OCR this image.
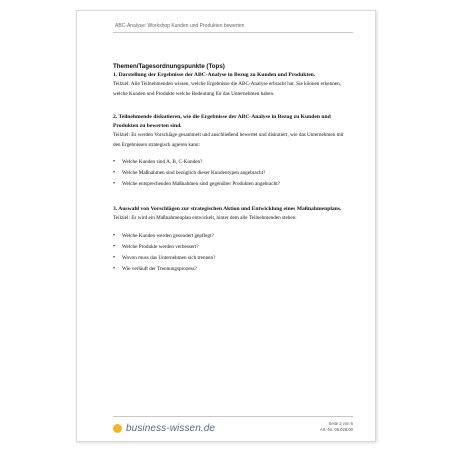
ABC-Analyse: Workshop Kunden und Produkten bewerten

Themen/Tagesordnungspunkte (Tops)

1. Darstellung der Ergebnisse der ABC-Analyse in Bezug zu Kunden und Produkten.

Teilziel: Alle Teilnehmenden wissen, welche Ergebnisse die ABC-Analyse erbracht hat. Sie können erkennen, welche Kunden und Produkte welche Bedeutung für das Unternehmen haben.

2. Teilnehmende diskutieren, wie die Ergebnisse der ABC-Analyse in Bezug zu Kunden und Produkten zu bewerten sind.

Teilziel: Es werden Vorschläge gesammelt und anschließend bewertet und diskutiert, wie das Unternehmen mit den Ergebnissen strategisch agieren kann:

• Welche Kunden sind A, B, C-Kunden?
• Welche Maßnahmen sind bezüglich dieser Kundentypen angebracht?
• Welche entsprechenden Maßnahmen sind gegenüber Produkten angebracht?

3. Auswahl von Vorschlägen zur strategischen Aktion und Entwicklung eines Maßnahmenplans.

Teilziel: Es wird ein Maßnahmenplan entwickelt, hinter dem alle Teilnehmenden stehen:

• Welche Kunden werden gesondert gepflegt?
• Welche Produkte werden verbessert?
• Wovon muss das Unternehmen sich trennen?
• Wie verläuft der Trennungsprozess?
business-wissen.de	Seite 2 von 6
Art.-Nr. 06.028.00
